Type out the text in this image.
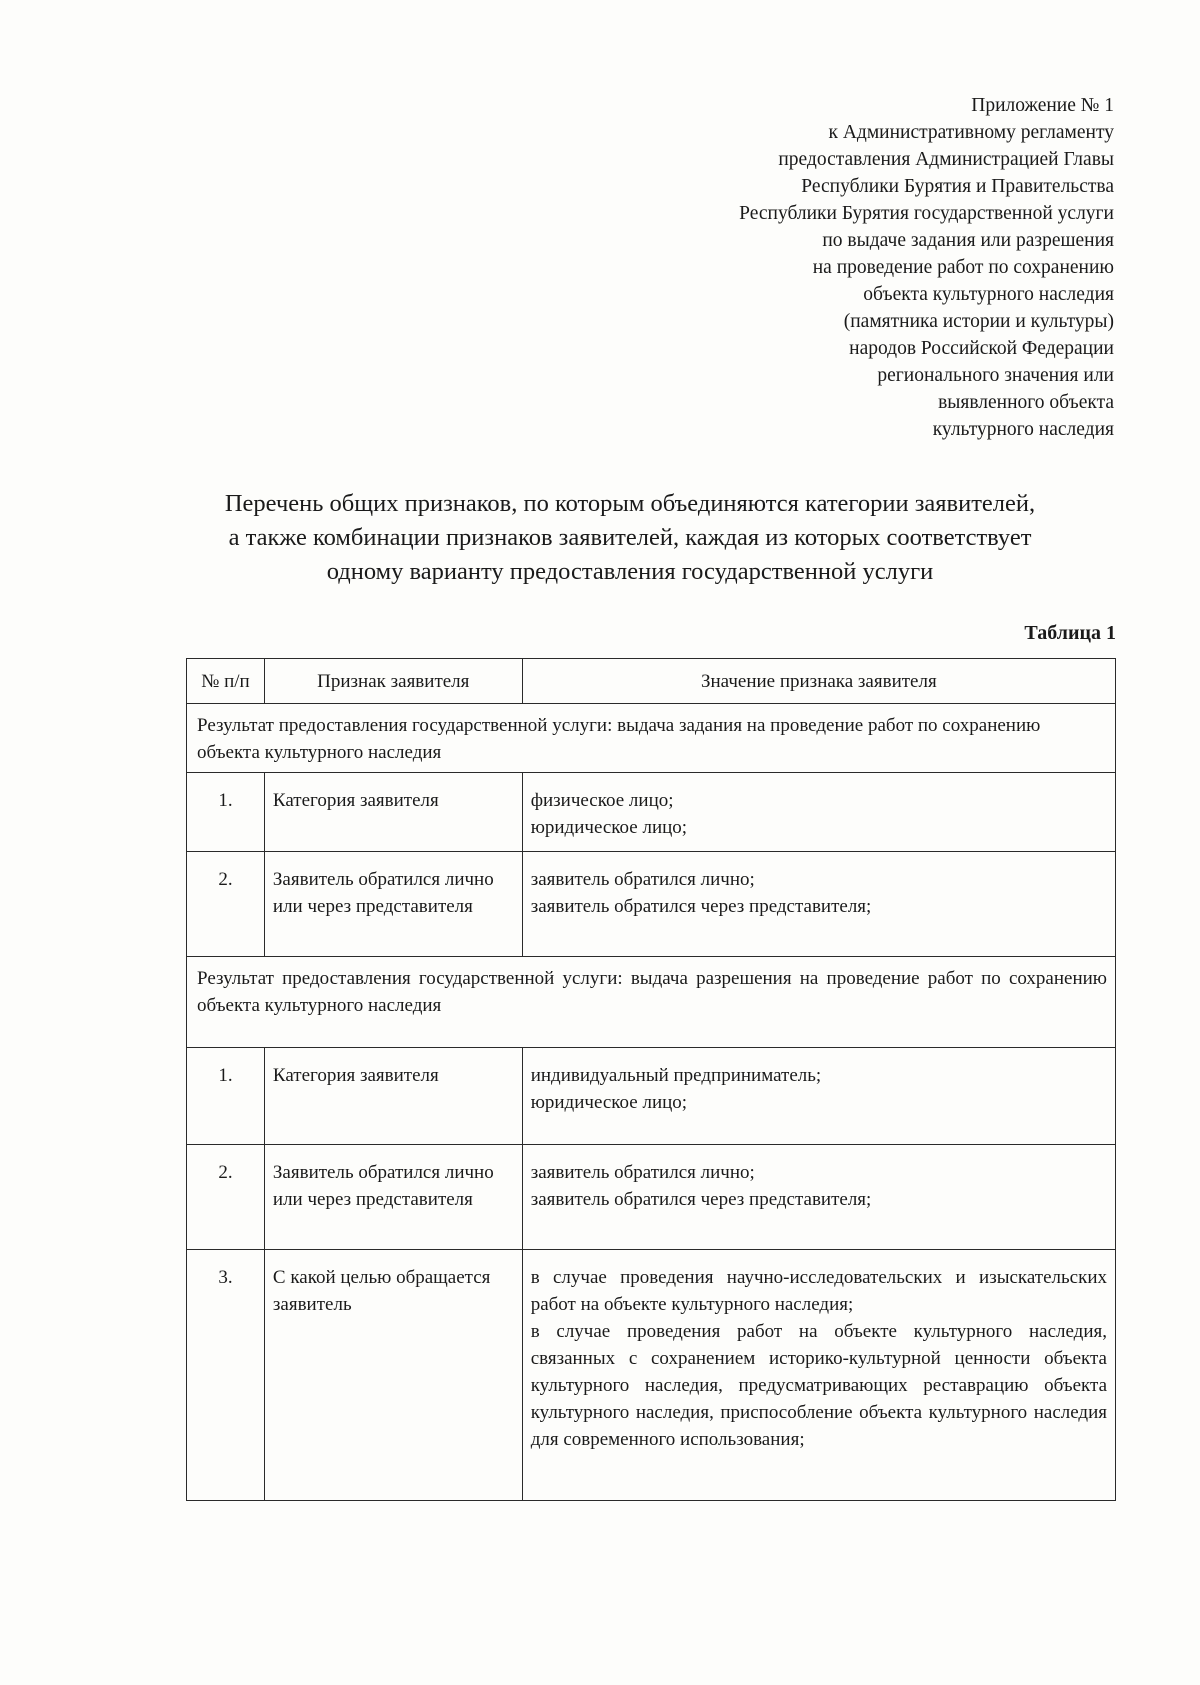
Приложение № 1
к Административному регламенту
предоставления Администрацией Главы
Республики Бурятия и Правительства
Республики Бурятия государственной услуги
по выдаче задания или разрешения
на проведение работ по сохранению
объекта культурного наследия
(памятника истории и культуры)
народов Российской Федерации
регионального значения или
выявленного объекта
культурного наследия
Перечень общих признаков, по которым объединяются категории заявителей,
а также комбинации признаков заявителей, каждая из которых соответствует
одному варианту предоставления государственной услуги
Таблица 1
№ п/п	Признак заявителя	Значение признака заявителя
Результат предоставления государственной услуги: выдача задания на проведение работ по сохранению объекта культурного наследия		
1.	Категория заявителя	физическое лицо;
юридическое лицо;

2.	Заявитель обратился лично или через представителя	заявитель обратился лично;
заявитель обратился через представителя;

Результат предоставления государственной услуги: выдача разрешения на проведение работ по сохранению объекта культурного наследия		
1.	Категория заявителя	индивидуальный предприниматель;
юридическое лицо;

2.	Заявитель обратился лично или через представителя	заявитель обратился лично;
заявитель обратился через представителя;

3.	С какой целью обращается заявитель	в случае проведения научно-исследовательских и изыскательских работ на объекте культурного наследия;
в случае проведения работ на объекте культурного наследия, связанных с сохранением историко-культурной ценности объекта культурного наследия, предусматривающих реставрацию объекта культурного наследия, приспособление объекта культурного наследия для современного использования;
